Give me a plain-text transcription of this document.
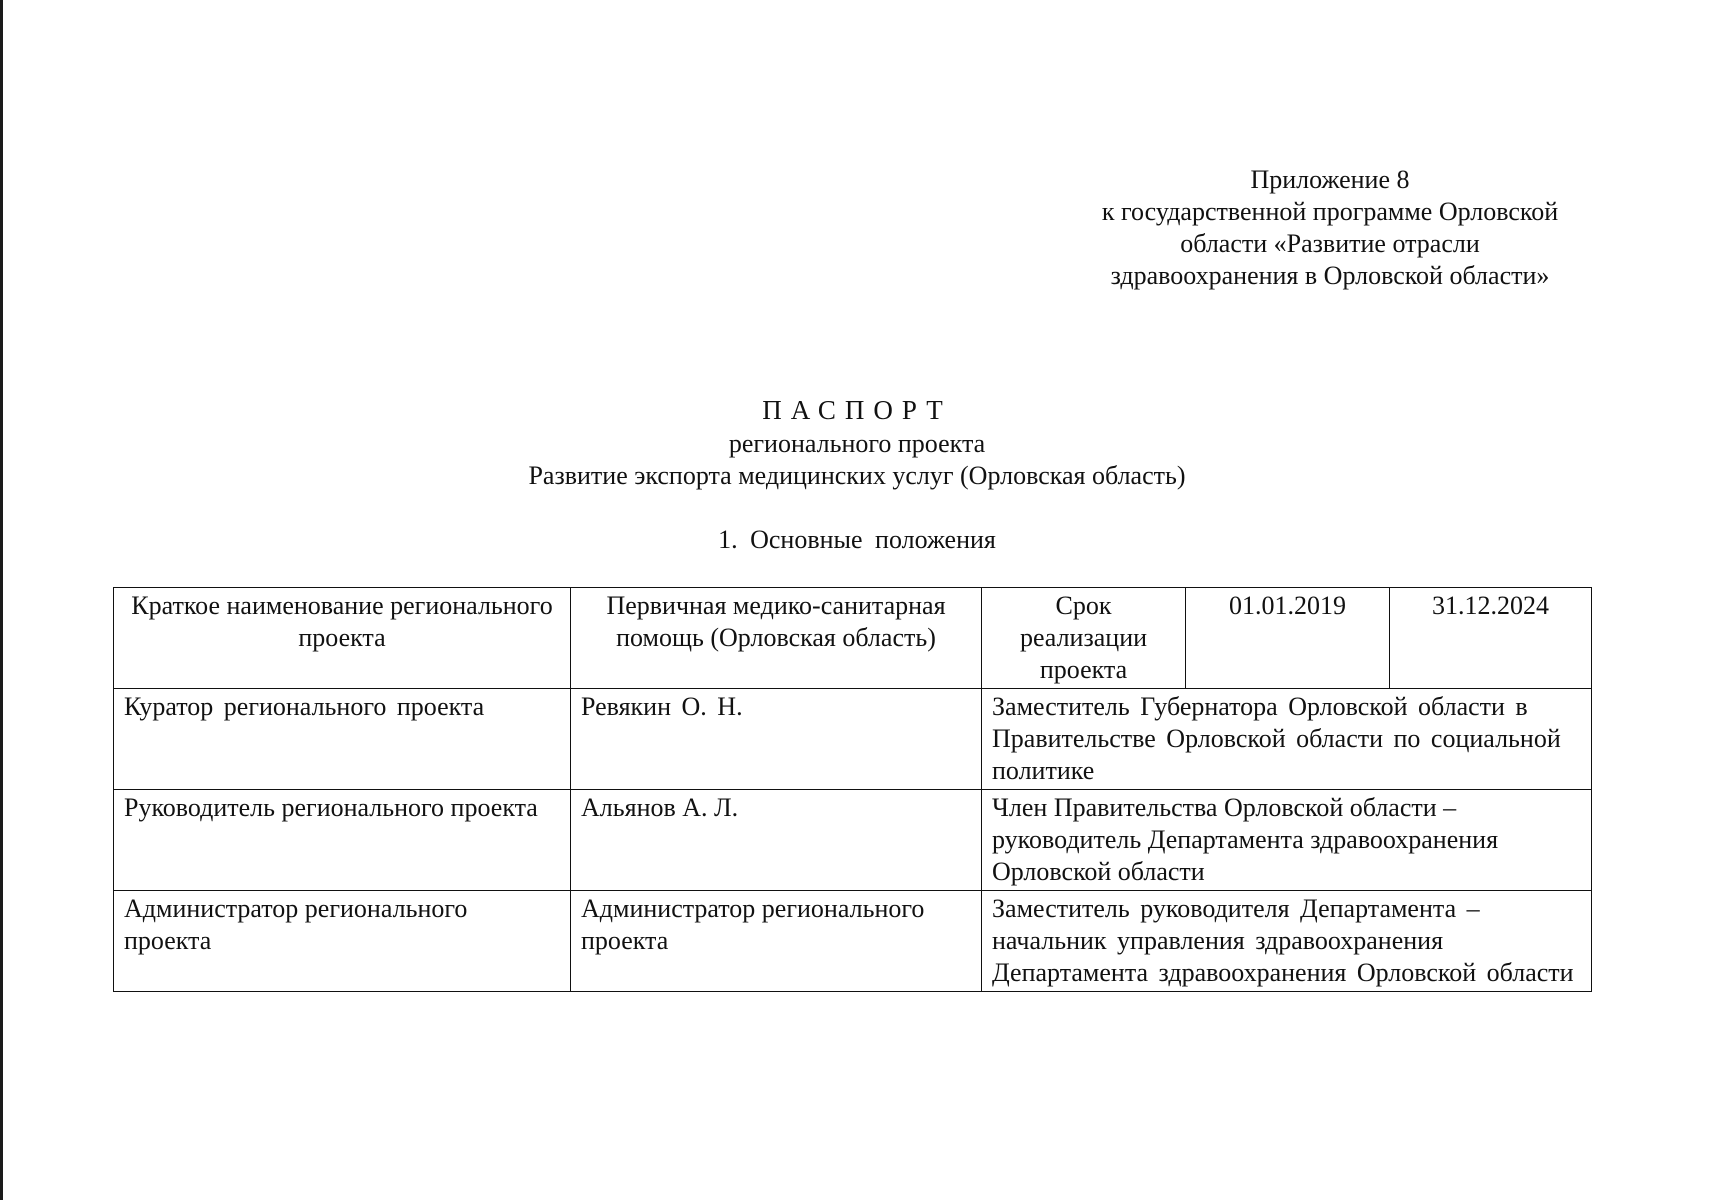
Приложение 8
к государственной программе Орловской
области «Развитие отрасли
здравоохранения в Орловской области»
ПАСПОРТ
регионального проекта
Развитие экспорта медицинских услуг (Орловская область)
1. Основные положения
Краткое наименование регионального проекта	Первичная медико-санитарная помощь (Орловская область)	Срок реализации проекта	01.01.2019	31.12.2024
Куратор регионального проекта	Ревякин О. Н.	Заместитель Губернатора Орловской области в Правительстве Орловской области по социальной политике		
Руководитель регионального проекта	Альянов А. Л.	Член Правительства Орловской области – руководитель Департамента здравоохранения Орловской области		
Администратор регионального проекта	Администратор регионального проекта	Заместитель руководителя Департамента – начальник управления здравоохранения Департамента здравоохранения Орловской области		
